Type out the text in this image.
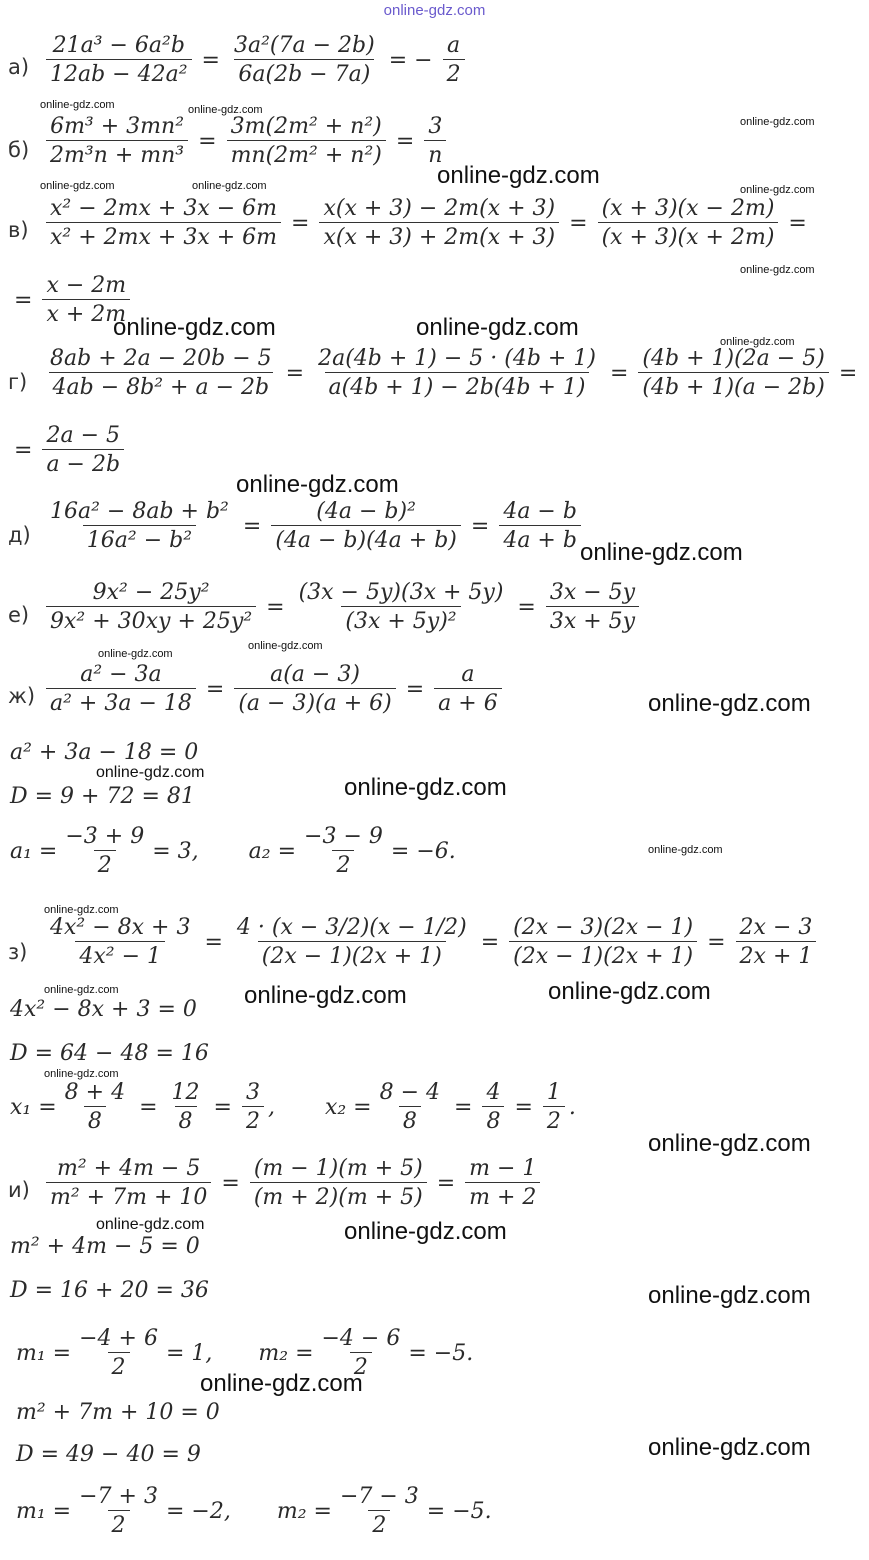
online-gdz.com
$а) \frac{\text{21a³ − 6a²b}}{\text{12ab − 42a²}} = \frac{\text{3a²(7a − 2b)}}{6a(2b - 7a)}$ = − $\frac{a}{2}$
$б) \frac{\text{6m³ + 3mn²}}{\text{2m³n + mn³}} = \frac{\text{3m(2m² + n²)}}{\text{mn(2m² + n²)}} = \frac{3}{n}$
$в) \frac{\text{x² − 2mx + 3x − 6m}}{\text{x² + 2mx + 3x + 6m}} = \frac{x(x + 3) - 2m(x + 3)}{x(x + 3) + 2m(x + 3)} = \frac{(x + 3)(x - 2m)}{(x + 3)(x + 2m)}$ =
= $\frac{x - 2m}{x + 2m}$
$г) \frac{8ab + 2a - 20b - 5}{\text{4ab − 8b² + a − 2b}} = \frac{2a(4b + 1) - 5 \cdot (4b + 1)}{a(4b + 1) - 2b(4b + 1)} = \frac{(4b + 1)(2a - 5)}{(4b + 1)(a - 2b)}$ =
= $\frac{2a - 5}{a - 2b}$
$д) \frac{\text{16a² − 8ab + b²}}{\text{16a² − b²}} = \frac{\text{(4a − b)²}}{(4a - b)(4a + b)} = \frac{4a - b}{4a + b}$
$е) \frac{\text{9x² − 25y²}}{\text{9x² + 30xy + 25y²}} = \frac{(3x - 5y)(3x + 5y)}{\text{(3x + 5y)²}} = \frac{3x - 5y}{3x + 5y}$
$ж) \frac{\text{a² − 3a}}{\text{a² + 3a − 18}} = \frac{a(a - 3)}{(a - 3)(a + 6)} = \frac{a}{a + 6}$
a² + 3a − 18 = 0
D = 9 + 72 = 81
$a_1 = \frac{-3 + 9}{2} = 3$, $a_2 = \frac{-3 - 9}{2} = -6$.
$з) \frac{\text{4x² − 8x + 3}}{\text{4x² − 1}} = \frac{4 \cdot (x - 3/2)(x - 1/2)}{(2x - 1)(2x + 1)} = \frac{(2x - 3)(2x - 1)}{(2x - 1)(2x + 1)} = \frac{2x - 3}{2x + 1}$
4x² − 8x + 3 = 0
D = 64 − 48 = 16
$x_1 = \frac{8 + 4}{8} = \frac{12}{8} = \frac{3}{2}$ , $x_2 = \frac{8 - 4}{8} = \frac{4}{8} = \frac{1}{2}$ .
$и) \frac{\text{m² + 4m − 5}}{\text{m² + 7m + 10}} = \frac{(m - 1)(m + 5)}{(m + 2)(m + 5)} = \frac{m - 1}{m + 2}$
m² + 4m − 5 = 0
D = 16 + 20 = 36
$m_1 = \frac{-4 + 6}{2} = 1$, $m_2 = \frac{-4 - 6}{2} = -5$.
m² + 7m + 10 = 0
D = 49 − 40 = 9
$m_1 = \frac{-7 + 3}{2} = -2$, $m_2 = \frac{-7 - 3}{2} = -5$.
online-gdz.com	online-gdz.com
online-gdz.com
online-gdz.com
online-gdz.com	online-gdz.com	online-gdz.com
online-gdz.com
online-gdz.com	online-gdz.com
online-gdz.com
online-gdz.com
online-gdz.com
online-gdz.com
online-gdz.com
online-gdz.com
online-gdz.com
online-gdz.com
online-gdz.com
online-gdz.com
online-gdz.com	online-gdz.com
online-gdz.com
online-gdz.com
online-gdz.com
online-gdz.com	online-gdz.com
online-gdz.com
online-gdz.com
online-gdz.com
